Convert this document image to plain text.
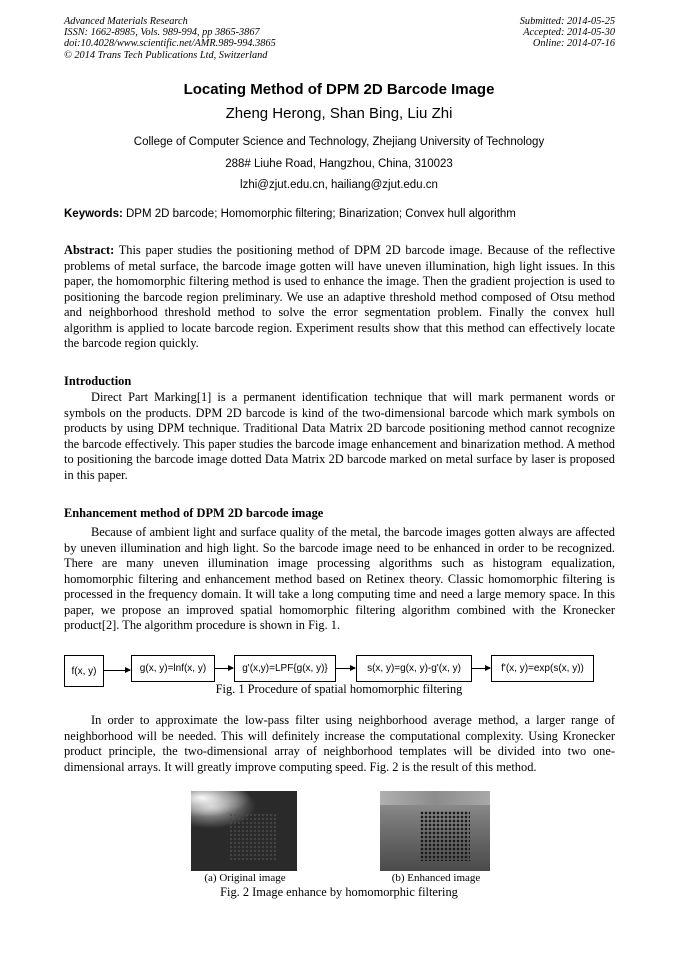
Advanced Materials Research
ISSN: 1662-8985, Vols. 989-994, pp 3865-3867
doi:10.4028/www.scientific.net/AMR.989-994.3865
© 2014 Trans Tech Publications Ltd, Switzerland
Submitted: 2014-05-25
Accepted: 2014-05-30
Online: 2014-07-16
Locating Method of DPM 2D Barcode Image
Zheng Herong, Shan Bing, Liu Zhi
College of Computer Science and Technology, Zhejiang University of Technology
288# Liuhe Road, Hangzhou, China, 310023
lzhi@zjut.edu.cn, hailiang@zjut.edu.cn
Keywords: DPM 2D barcode; Homomorphic filtering; Binarization; Convex hull algorithm
Abstract: This paper studies the positioning method of DPM 2D barcode image. Because of the reflective problems of metal surface, the barcode image gotten will have uneven illumination, high light issues. In this paper, the homomorphic filtering method is used to enhance the image. Then the gradient projection is used to positioning the barcode region preliminary. We use an adaptive threshold method composed of Otsu method and neighborhood threshold method to solve the error segmentation problem. Finally the convex hull algorithm is applied to locate barcode region. Experiment results show that this method can effectively locate the barcode region quickly.
Introduction
Direct Part Marking[1] is a permanent identification technique that will mark permanent words or symbols on the products. DPM 2D barcode is kind of the two-dimensional barcode which mark symbols on products by using DPM technique. Traditional Data Matrix 2D barcode positioning method cannot recognize the barcode effectively. This paper studies the barcode image enhancement and binarization method. A method to positioning the barcode image dotted Data Matrix 2D barcode marked on metal surface by laser is proposed in this paper.
Enhancement method of DPM 2D barcode image
Because of ambient light and surface quality of the metal, the barcode images gotten always are affected by uneven illumination and high light. So the barcode image need to be enhanced in order to be recognized. There are many uneven illumination image processing algorithms such as histogram equalization, homomorphic filtering and enhancement method based on Retinex theory. Classic homomorphic filtering is processed in the frequency domain. It will take a long computing time and need a large memory space. In this paper, we propose an improved spatial homomorphic filtering algorithm combined with the Kronecker product[2]. The algorithm procedure is shown in Fig. 1.
f(x, y)	g(x, y)=lnf(x, y)	g'(x,y)=LPF{g(x, y)}	s(x, y)=g(x, y)-g'(x, y)	f'(x, y)=exp(s(x, y))
Fig. 1 Procedure of spatial homomorphic filtering
In order to approximate the low-pass filter using neighborhood average method, a larger range of neighborhood will be needed. This will definitely increase the computational complexity. Using Kronecker product principle, the two-dimensional array of neighborhood templates will be divided into two one-dimensional arrays. It will greatly improve computing speed. Fig. 2 is the result of this method.
(a) Original image	(b) Enhanced image
Fig. 2 Image enhance by homomorphic filtering
